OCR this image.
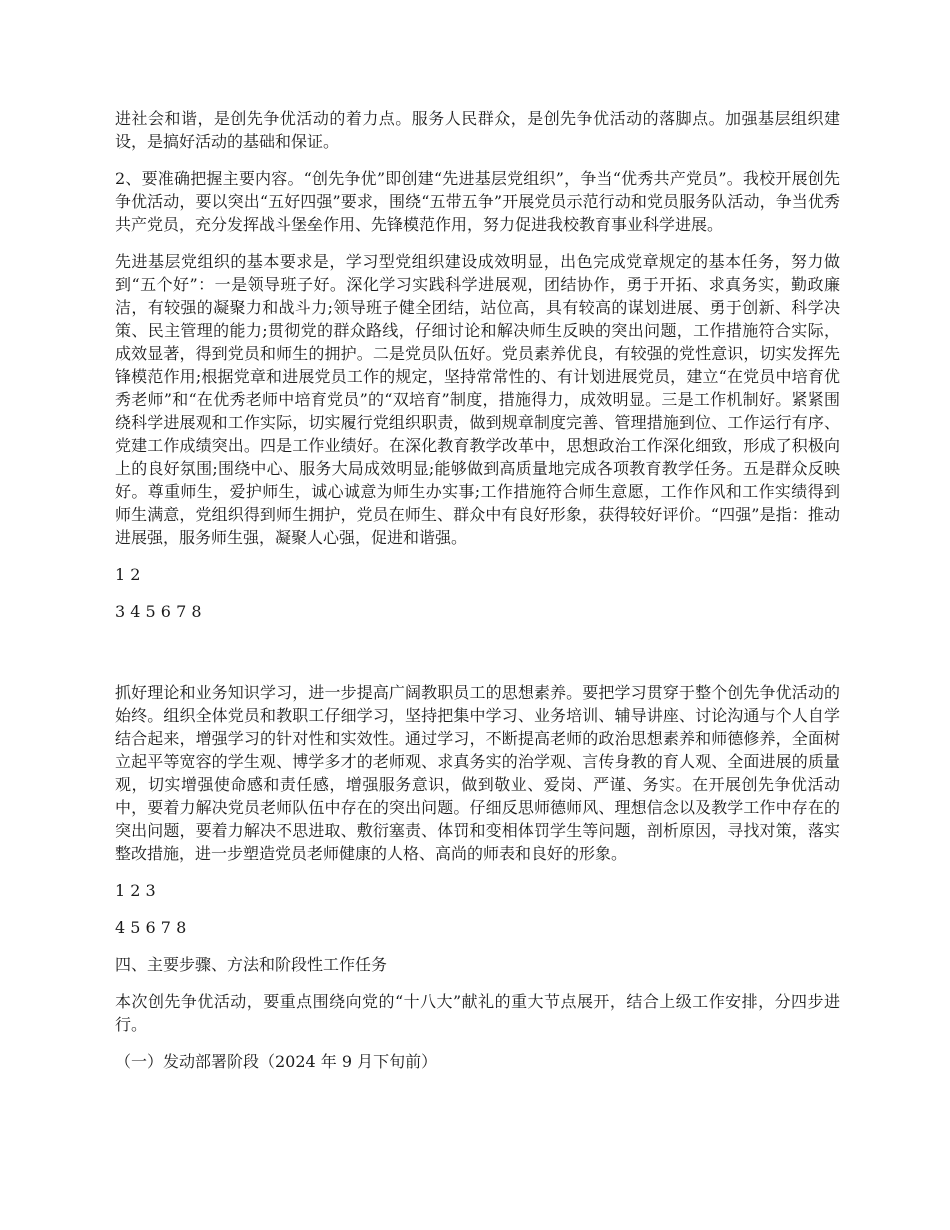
进社会和谐，是创先争优活动的着力点。服务人民群众，是创先争优活动的落脚点。加强基层组织建设，是搞好活动的基础和保证。

2、要准确把握主要内容。“创先争优”即创建“先进基层党组织”，争当“优秀共产党员”。我校开展创先争优活动，要以突出“五好四强”要求，围绕“五带五争”开展党员示范行动和党员服务队活动，争当优秀共产党员，充分发挥战斗堡垒作用、先锋模范作用，努力促进我校教育事业科学进展。

先进基层党组织的基本要求是，学习型党组织建设成效明显，出色完成党章规定的基本任务，努力做到“五个好”：一是领导班子好。深化学习实践科学进展观，团结协作，勇于开拓、求真务实，勤政廉洁，有较强的凝聚力和战斗力;领导班子健全团结，站位高，具有较高的谋划进展、勇于创新、科学决策、民主管理的能力;贯彻党的群众路线，仔细讨论和解决师生反映的突出问题，工作措施符合实际，成效显著，得到党员和师生的拥护。二是党员队伍好。党员素养优良，有较强的党性意识，切实发挥先锋模范作用;根据党章和进展党员工作的规定，坚持常常性的、有计划进展党员，建立“在党员中培育优秀老师”和“在优秀老师中培育党员”的“双培育”制度，措施得力，成效明显。三是工作机制好。紧紧围绕科学进展观和工作实际，切实履行党组织职责，做到规章制度完善、管理措施到位、工作运行有序、党建工作成绩突出。四是工作业绩好。在深化教育教学改革中，思想政治工作深化细致，形成了积极向上的良好氛围;围绕中心、服务大局成效明显;能够做到高质量地完成各项教育教学任务。五是群众反映好。尊重师生，爱护师生，诚心诚意为师生办实事;工作措施符合师生意愿，工作作风和工作实绩得到师生满意，党组织得到师生拥护，党员在师生、群众中有良好形象，获得较好评价。“四强”是指：推动进展强，服务师生强，凝聚人心强，促进和谐强。

1 2

3 4 5 6 7 8

抓好理论和业务知识学习，进一步提高广阔教职员工的思想素养。要把学习贯穿于整个创先争优活动的始终。组织全体党员和教职工仔细学习，坚持把集中学习、业务培训、辅导讲座、讨论沟通与个人自学结合起来，增强学习的针对性和实效性。通过学习，不断提高老师的政治思想素养和师德修养，全面树立起平等宽容的学生观、博学多才的老师观、求真务实的治学观、言传身教的育人观、全面进展的质量观，切实增强使命感和责任感，增强服务意识，做到敬业、爱岗、严谨、务实。在开展创先争优活动中，要着力解决党员老师队伍中存在的突出问题。仔细反思师德师风、理想信念以及教学工作中存在的突出问题，要着力解决不思进取、敷衍塞责、体罚和变相体罚学生等问题，剖析原因，寻找对策，落实整改措施，进一步塑造党员老师健康的人格、高尚的师表和良好的形象。

1 2 3

4 5 6 7 8

四、主要步骤、方法和阶段性工作任务

本次创先争优活动，要重点围绕向党的“十八大”献礼的重大节点展开，结合上级工作安排，分四步进行。

（一）发动部署阶段（2024 年 9 月下旬前）
